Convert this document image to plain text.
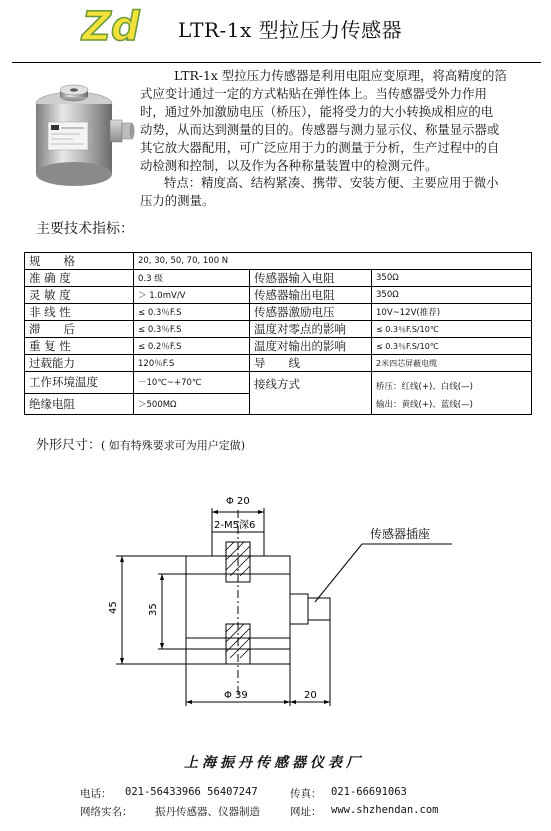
Zd LTR-1x 型拉压力传感器
LTR-1x 型拉压力传感器是利用电阻应变原理，将高精度的箔
式应变计通过一定的方式粘贴在弹性体上。当传感器受外力作用
时，通过外加激励电压（桥压），能将受力的大小转换成相应的电
动势，从而达到测量的目的。传感器与测力显示仪、称量显示器或
其它放大器配用，可广泛应用于力的测量于分析，生产过程中的自
动检测和控制，以及作为各种称量装置中的检测元件。
特点：精度高、结构紧凑、携带、安装方便、主要应用于微小
压力的测量。
主要技术指标：
规　　格	20, 30, 50, 70, 100 N		
准 确 度	0.3 级	传感器输入电阻	350Ω
灵 敏 度	＞ 1.0mV/V	传感器输出电阻	350Ω
非 线 性	≤ 0.3％F.S	传感器激励电压	10V~12V(推荐)
滞　　后	≤ 0.3％F.S	温度对零点的影响	≤ 0.3％F.S/10℃
重 复 性	≤ 0.2％F.S	温度对输出的影响	≤ 0.3％F.S/10℃
过载能力	120％F.S	导　　线	2米四芯屏蔽电缆
工作环境温度	－10℃~+70℃	接线方式	桥压：红线(+)、白线(—)
输出：黄线(+)、蓝线(—)

绝缘电阻	＞500MΩ		
外形尺寸：( 如有特殊要求可为用户定做)
Φ 20
2-M5深6
传感器插座
45	35
Φ 39	20
上海振丹传感器仪表厂
电话： 021-56433966 56407247	传真： 021-66691063
网络实名： 振丹传感器、仪器制造	网址： www.shzhendan.com
